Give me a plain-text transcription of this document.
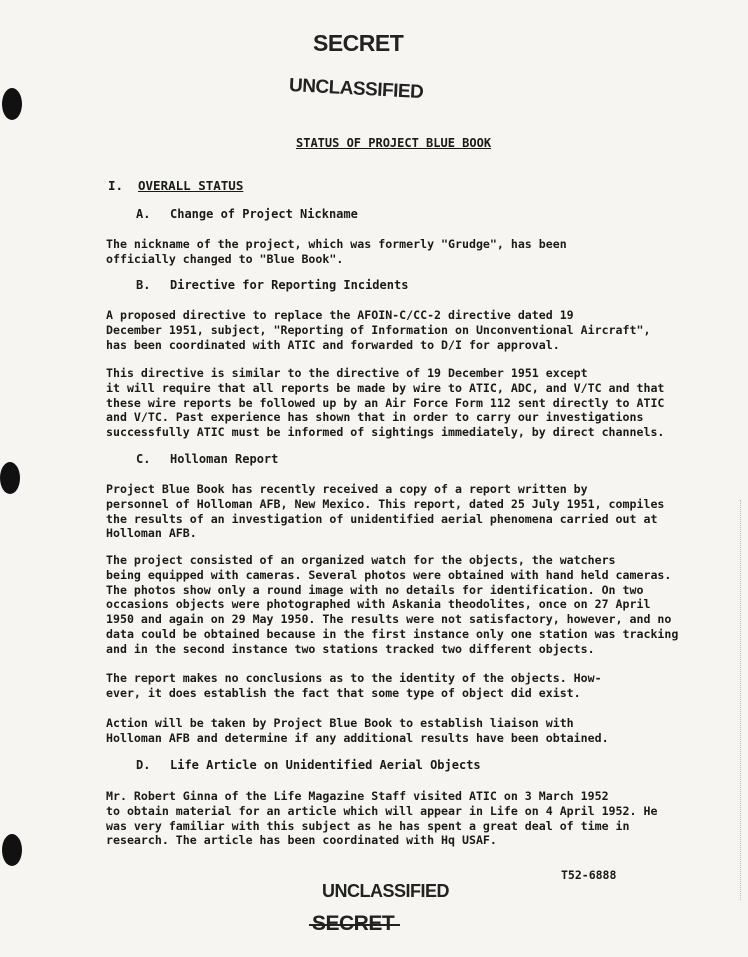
SECRET
UNCLASSIFIED
STATUS OF PROJECT BLUE BOOK
I. OVERALL STATUS
A. Change of Project Nickname
The nickname of the project, which was formerly "Grudge", has been
officially changed to "Blue Book".
B. Directive for Reporting Incidents
A proposed directive to replace the AFOIN-C/CC-2 directive dated 19
December 1951, subject, "Reporting of Information on Unconventional Aircraft",
has been coordinated with ATIC and forwarded to D/I for approval.
This directive is similar to the directive of 19 December 1951 except
it will require that all reports be made by wire to ATIC, ADC, and V/TC and that
these wire reports be followed up by an Air Force Form 112 sent directly to ATIC
and V/TC. Past experience has shown that in order to carry our investigations
successfully ATIC must be informed of sightings immediately, by direct channels.
C. Holloman Report
Project Blue Book has recently received a copy of a report written by
personnel of Holloman AFB, New Mexico. This report, dated 25 July 1951, compiles
the results of an investigation of unidentified aerial phenomena carried out at
Holloman AFB.
The project consisted of an organized watch for the objects, the watchers
being equipped with cameras. Several photos were obtained with hand held cameras.
The photos show only a round image with no details for identification. On two
occasions objects were photographed with Askania theodolites, once on 27 April
1950 and again on 29 May 1950. The results were not satisfactory, however, and no
data could be obtained because in the first instance only one station was tracking
and in the second instance two stations tracked two different objects.
The report makes no conclusions as to the identity of the objects. How-
ever, it does establish the fact that some type of object did exist.
Action will be taken by Project Blue Book to establish liaison with
Holloman AFB and determine if any additional results have been obtained.
D. Life Article on Unidentified Aerial Objects
Mr. Robert Ginna of the Life Magazine Staff visited ATIC on 3 March 1952
to obtain material for an article which will appear in Life on 4 April 1952. He
was very familiar with this subject as he has spent a great deal of time in
research. The article has been coordinated with Hq USAF.
T52-6888
UNCLASSIFIED
